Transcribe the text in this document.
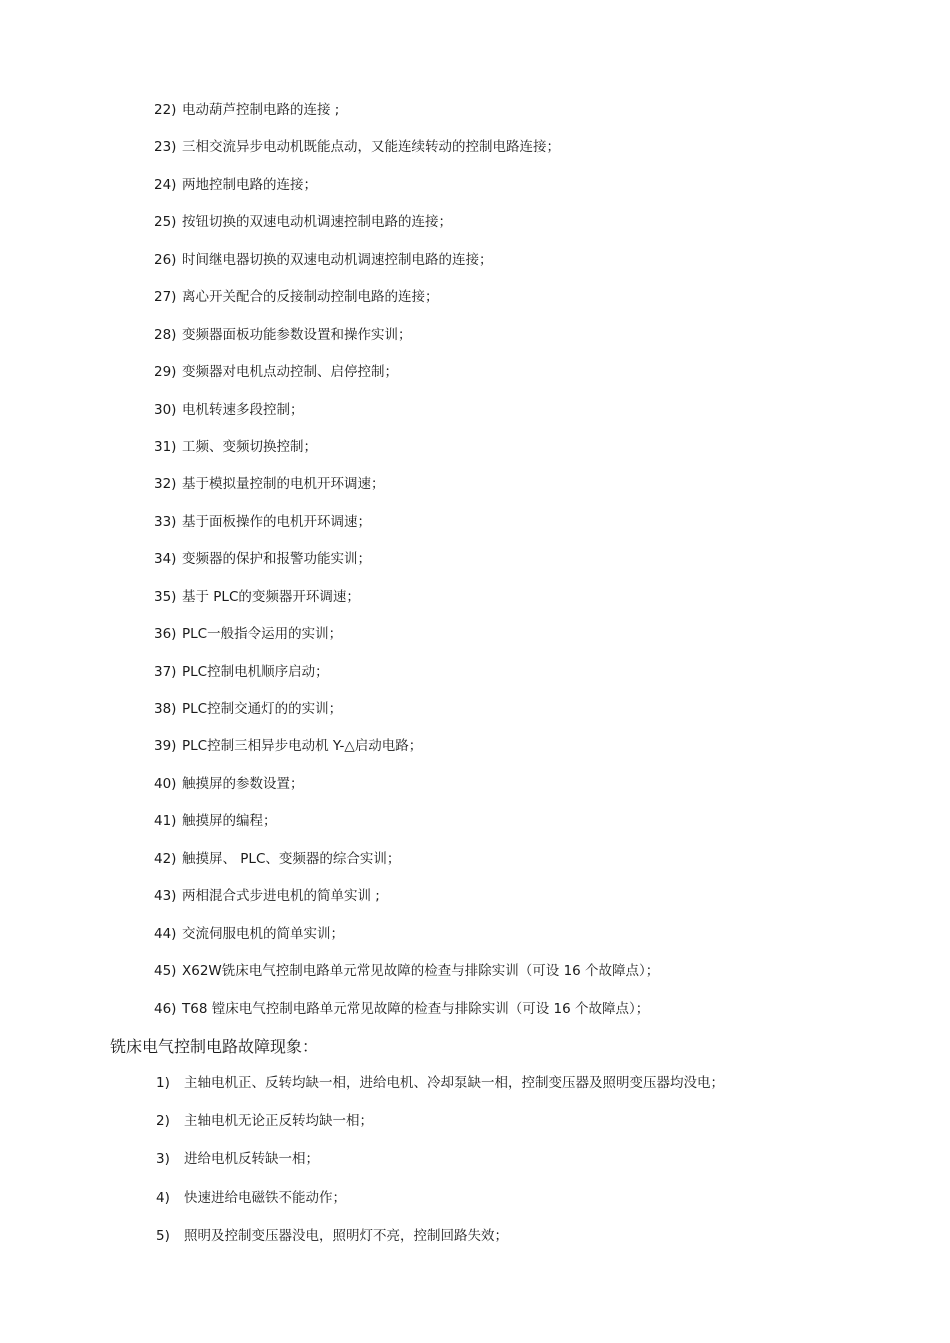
22) 电动葫芦控制电路的连接 ;
23) 三相交流异步电动机既能点动，又能连续转动的控制电路连接；
24) 两地控制电路的连接；
25) 按钮切换的双速电动机调速控制电路的连接；
26) 时间继电器切换的双速电动机调速控制电路的连接；
27) 离心开关配合的反接制动控制电路的连接；
28) 变频器面板功能参数设置和操作实训；
29) 变频器对电机点动控制、启停控制；
30) 电机转速多段控制；
31) 工频、变频切换控制；
32) 基于模拟量控制的电机开环调速；
33) 基于面板操作的电机开环调速；
34) 变频器的保护和报警功能实训；
35) 基于 PLC的变频器开环调速；
36) PLC一般指令运用的实训；
37) PLC控制电机顺序启动；
38) PLC控制交通灯的的实训；
39) PLC控制三相异步电动机 Y-△启动电路；
40) 触摸屏的参数设置；
41) 触摸屏的编程；
42) 触摸屏、 PLC、变频器的综合实训；
43) 两相混合式步进电机的简单实训 ;
44) 交流伺服电机的简单实训；
45) X62W铣床电气控制电路单元常见故障的检查与排除实训（可设 16 个故障点）；
46) T68 镗床电气控制电路单元常见故障的检查与排除实训（可设 16 个故障点）；
铣床电气控制电路故障现象：
1) 主轴电机正、反转均缺一相，进给电机、冷却泵缺一相，控制变压器及照明变压器均没电；
2) 主轴电机无论正反转均缺一相；
3) 进给电机反转缺一相；
4) 快速进给电磁铁不能动作；
5) 照明及控制变压器没电，照明灯不亮，控制回路失效；
